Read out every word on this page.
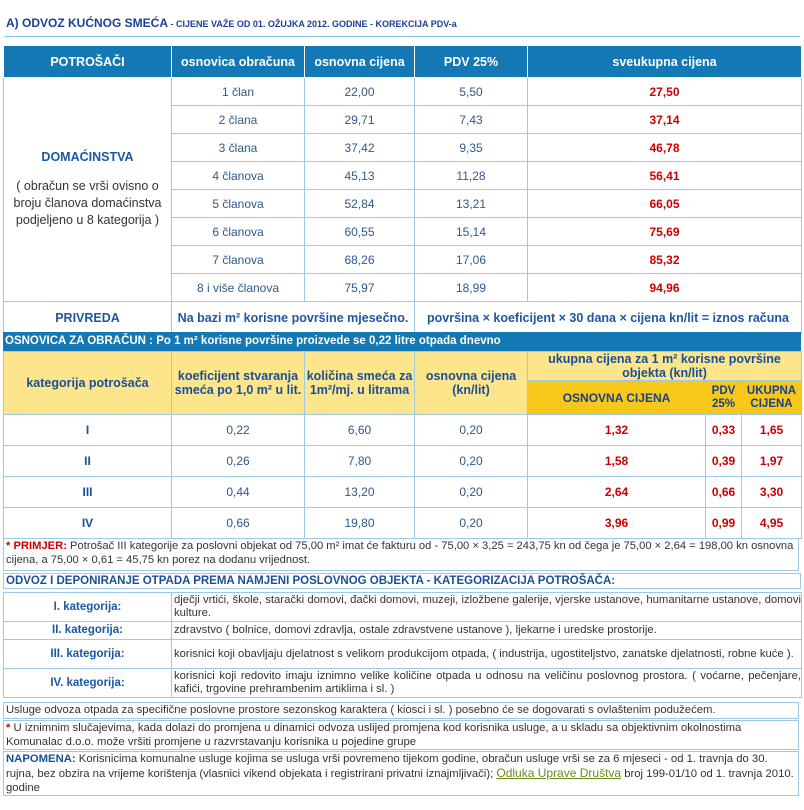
A) ODVOZ KUĆNOG SMEĆA - CIJENE VAŽE OD 01. OŽUJKA 2012. GODINE - KOREKCIJA PDV-a
POTROŠAČI	osnovica obračuna	osnovna cijena	PDV 25%	sveukupna cijena

DOMAĆINSTVA
( obračun se vrši ovisno o broju članova domaćinstva podjeljeno u 8 kategorija )	1 član	22,00	5,50	27,50
	2 člana	29,71	7,43	37,14
	3 člana	37,42	9,35	46,78
	4 članova	45,13	11,28	56,41
	5 članova	52,84	13,21	66,05
	6 članova	60,55	15,14	75,69
	7 članova	68,26	17,06	85,32
	8 i više članova	75,97	18,99	94,96
PRIVREDA	Na bazi m² korisne površine mjesečno.		površina × koeficijent × 30 dana × cijena kn/lit = iznos računa	
OSNOVICA ZA OBRAČUN : Po 1 m² korisne površine proizvede se 0,22 litre otpada dnevno
kategorija potrošača	koeficijent stvaranja smeća po 1,0 m² u lit.	količina smeća za 1m²/mj. u litrama	osnovna cijena (kn/lit)	ukupna cijena za 1 m² korisne površine objekta (kn/lit)		
				OSNOVNA CIJENA	PDV 25%	UKUPNA CIJENA
I	0,22	6,60	0,20	1,32	0,33	1,65
II	0,26	7,80	0,20	1,58	0,39	1,97
III	0,44	13,20	0,20	2,64	0,66	3,30
IV	0,66	19,80	0,20	3,96	0,99	4,95
* PRIMJER: Potrošač III kategorije za poslovni objekat od 75,00 m² imat će fakturu od - 75,00 × 3,25 = 243,75 kn od čega je 75,00 × 2,64 = 198,00 kn osnovna cijena, a 75,00 × 0,61 = 45,75 kn porez na dodanu vrijednost.
ODVOZ I DEPONIRANJE OTPADA PREMA NAMJENI POSLOVNOG OBJEKTA - KATEGORIZACIJA POTROŠAČA:
I. kategorija:	dječji vrtići, škole, starački domovi, đački domovi, muzeji, izložbene galerije, vjerske ustanove, humanitarne ustanove, domovi kulture.
II. kategorija:	zdravstvo ( bolnice, domovi zdravlja, ostale zdravstvene ustanove ), ljekarne i uredske prostorije.
III. kategorija:	korisnici koji obavljaju djelatnost s velikom produkcijom otpada, ( industrija, ugostiteljstvo, zanatske djelatnosti, robne kuće ).
IV. kategorija:	korisnici koji redovito imaju iznimno velike količine otpada u odnosu na veličinu poslovnog prostora. ( voćarne, pečenjare, kafići, trgovine prehrambenim artiklima i sl. )
Usluge odvoza otpada za specifične poslovne prostore sezonskog karaktera ( kiosci i sl. ) posebno će se dogovarati s ovlaštenim podužećem.
* U iznimnim slučajevima, kada dolazi do promjena u dinamici odvoza uslijed promjena kod korisnika usluge, a u skladu sa objektivnim okolnostima Komunalac d.o.o. može vršiti promjene u razvrstavanju korisnika u pojedine grupe
NAPOMENA: Korisnicima komunalne usluge kojima se usluga vrši povremeno tijekom godine, obračun usluge vrši se za 6 mjeseci - od 1. travnja do 30. rujna, bez obzira na vrijeme korištenja (vlasnici vikend objekata i registrirani privatni iznajmljivači); Odluka Uprave Društva broj 199-01/10 od 1. travnja 2010. godine
